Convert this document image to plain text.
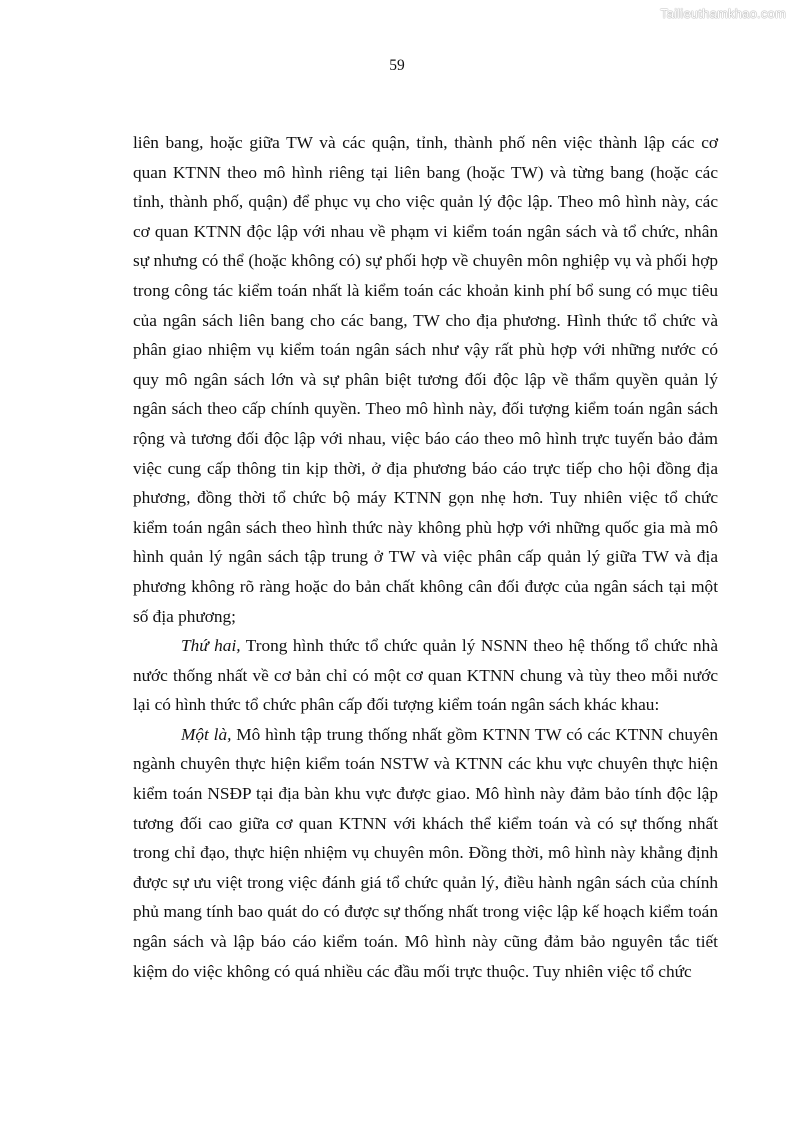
Tailieuthamkhao.com
59

liên bang, hoặc giữa TW và các quận, tỉnh, thành phố nên việc thành lập các cơ quan KTNN theo mô hình riêng tại liên bang (hoặc TW) và từng bang (hoặc các tỉnh, thành phố, quận) để phục vụ cho việc quản lý độc lập. Theo mô hình này, các cơ quan KTNN độc lập với nhau về phạm vi kiểm toán ngân sách và tổ chức, nhân sự nhưng có thể (hoặc không có) sự phối hợp về chuyên môn nghiệp vụ và phối hợp trong công tác kiểm toán nhất là kiểm toán các khoản kinh phí bổ sung có mục tiêu của ngân sách liên bang cho các bang, TW cho địa phương. Hình thức tổ chức và phân giao nhiệm vụ kiểm toán ngân sách như vậy rất phù hợp với những nước có quy mô ngân sách lớn và sự phân biệt tương đối độc lập về thẩm quyền quản lý ngân sách theo cấp chính quyền. Theo mô hình này, đối tượng kiểm toán ngân sách rộng và tương đối độc lập với nhau, việc báo cáo theo mô hình trực tuyến bảo đảm việc cung cấp thông tin kịp thời, ở địa phương báo cáo trực tiếp cho hội đồng địa phương, đồng thời tổ chức bộ máy KTNN gọn nhẹ hơn. Tuy nhiên việc tổ chức kiểm toán ngân sách theo hình thức này không phù hợp với những quốc gia mà mô hình quản lý ngân sách tập trung ở TW và việc phân cấp quản lý giữa TW và địa phương không rõ ràng hoặc do bản chất không cân đối được của ngân sách tại một số địa phương;

Thứ hai, Trong hình thức tổ chức quản lý NSNN theo hệ thống tổ chức nhà nước thống nhất về cơ bản chỉ có một cơ quan KTNN chung và tùy theo mỗi nước lại có hình thức tổ chức phân cấp đối tượng kiểm toán ngân sách khác khau:

Một là, Mô hình tập trung thống nhất gồm KTNN TW có các KTNN chuyên ngành chuyên thực hiện kiểm toán NSTW và KTNN các khu vực chuyên thực hiện kiểm toán NSĐP tại địa bàn khu vực được giao. Mô hình này đảm bảo tính độc lập tương đối cao giữa cơ quan KTNN với khách thể kiểm toán và có sự thống nhất trong chỉ đạo, thực hiện nhiệm vụ chuyên môn. Đồng thời, mô hình này khẳng định được sự ưu việt trong việc đánh giá tổ chức quản lý, điều hành ngân sách của chính phủ mang tính bao quát do có được sự thống nhất trong việc lập kế hoạch kiểm toán ngân sách và lập báo cáo kiểm toán. Mô hình này cũng đảm bảo nguyên tắc tiết kiệm do việc không có quá nhiều các đầu mối trực thuộc. Tuy nhiên việc tổ chức
